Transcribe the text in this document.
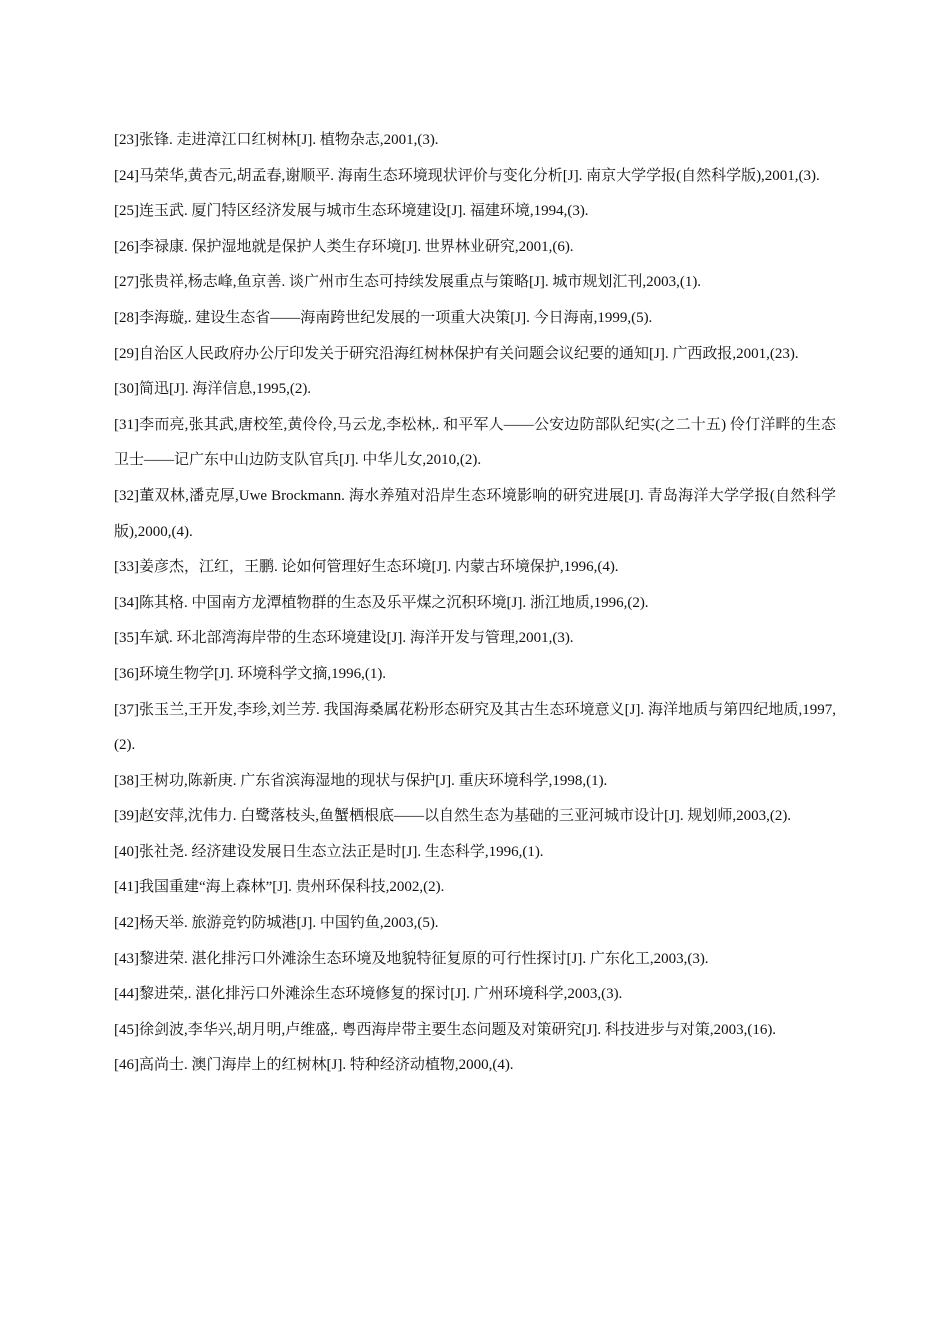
[23]张锋. 走进漳江口红树林[J]. 植物杂志,2001,(3).
[24]马荣华,黄杏元,胡孟春,谢顺平. 海南生态环境现状评价与变化分析[J]. 南京大学学报(自然科学版),2001,(3).
[25]连玉武. 厦门特区经济发展与城市生态环境建设[J]. 福建环境,1994,(3).
[26]李禄康. 保护湿地就是保护人类生存环境[J]. 世界林业研究,2001,(6).
[27]张贵祥,杨志峰,鱼京善. 谈广州市生态可持续发展重点与策略[J]. 城市规划汇刊,2003,(1).
[28]李海璇,. 建设生态省——海南跨世纪发展的一项重大决策[J]. 今日海南,1999,(5).
[29]自治区人民政府办公厅印发关于研究沿海红树林保护有关问题会议纪要的通知[J]. 广西政报,2001,(23).
[30]简迅[J]. 海洋信息,1995,(2).
[31]李而亮,张其武,唐校笙,黄伶伶,马云龙,李松林,. 和平军人——公安边防部队纪实(之二十五) 伶仃洋畔的生态卫士——记广东中山边防支队官兵[J]. 中华儿女,2010,(2).
[32]董双林,潘克厚,Uwe Brockmann. 海水养殖对沿岸生态环境影响的研究进展[J]. 青岛海洋大学学报(自然科学版),2000,(4).
[33]姜彦杰，江红，王鹏. 论如何管理好生态环境[J]. 内蒙古环境保护,1996,(4).
[34]陈其格. 中国南方龙潭植物群的生态及乐平煤之沉积环境[J]. 浙江地质,1996,(2).
[35]车斌. 环北部湾海岸带的生态环境建设[J]. 海洋开发与管理,2001,(3).
[36]环境生物学[J]. 环境科学文摘,1996,(1).
[37]张玉兰,王开发,李珍,刘兰芳. 我国海桑属花粉形态研究及其古生态环境意义[J]. 海洋地质与第四纪地质,1997,(2).
[38]王树功,陈新庚. 广东省滨海湿地的现状与保护[J]. 重庆环境科学,1998,(1).
[39]赵安萍,沈伟力. 白鹭落枝头,鱼蟹栖根底——以自然生态为基础的三亚河城市设计[J]. 规划师,2003,(2).
[40]张社尧. 经济建设发展日生态立法正是时[J]. 生态科学,1996,(1).
[41]我国重建“海上森林”[J]. 贵州环保科技,2002,(2).
[42]杨天举. 旅游竞钓防城港[J]. 中国钓鱼,2003,(5).
[43]黎进荣. 湛化排污口外滩涂生态环境及地貌特征复原的可行性探讨[J]. 广东化工,2003,(3).
[44]黎进荣,. 湛化排污口外滩涂生态环境修复的探讨[J]. 广州环境科学,2003,(3).
[45]徐剑波,李华兴,胡月明,卢维盛,. 粤西海岸带主要生态问题及对策研究[J]. 科技进步与对策,2003,(16).
[46]高尚士. 澳门海岸上的红树林[J]. 特种经济动植物,2000,(4).
